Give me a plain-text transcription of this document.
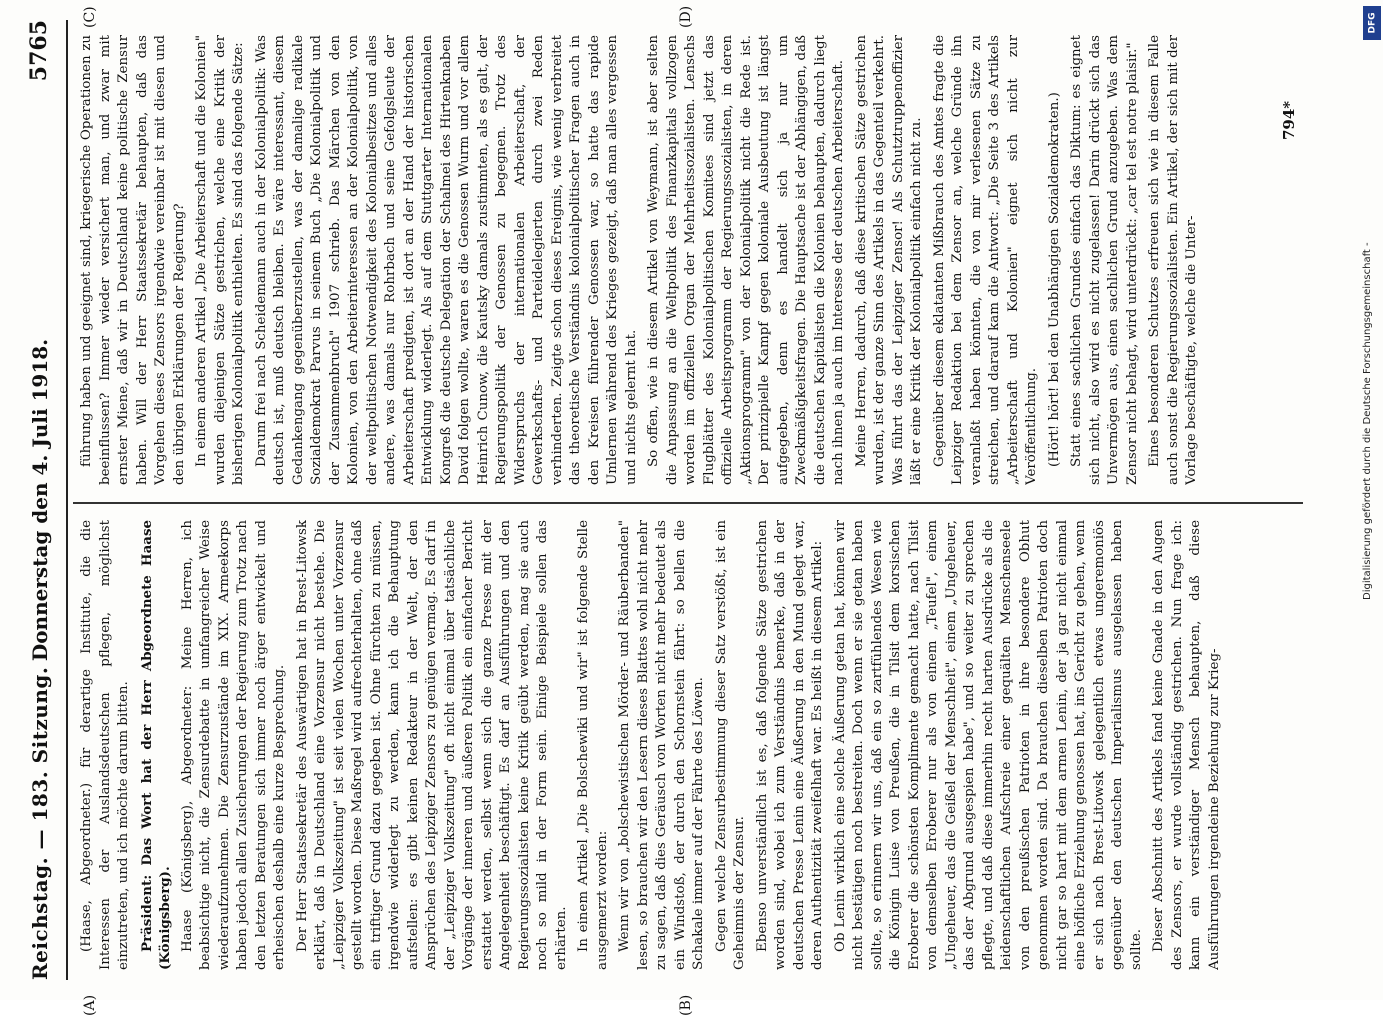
Reichstag. — 183. Sitzung.
Donnerstag den 4. Juli 1918.
5765
(A)	(B)
(C)	(D)

(Haase, Abgeordneter.) für derartige Institute, die die Interessen der Auslandsdeutschen pflegen, möglichst einzutreten, und ich möchte darum bitten. Präsident: Das Wort hat der Herr Abgeordnete Haase (Königsberg). Haase (Königsberg), Abgeordneter: Meine Herren, ich beabsichtige nicht, die Zensurdebatte in umfangreicher Weise wiederaufzunehmen. Die Zensurzustände im XIX. Armeekorps haben jedoch allen Zusicherungen der Regierung zum Trotz nach den letzten Beratungen sich immer noch ärger entwickelt und erheischen deshalb eine kurze Besprechung. Der Herr Staatssekretär des Auswärtigen hat in Brest-Litowsk erklärt, daß in Deutschland eine Vorzensur nicht bestehe. Die „Leipziger Volkszeitung" ist seit vielen Wochen unter Vorzensur gestellt worden. Diese Maßregel wird aufrechterhalten, ohne daß ein triftiger Grund dazu gegeben ist. Ohne fürchten zu müssen, irgendwie widerlegt zu werden, kann ich die Behauptung aufstellen: es gibt keinen Redakteur in der Welt, der den Ansprüchen des Leipziger Zensors zu genügen vermag. Es darf in der „Leipziger Volkszeitung" oft nicht einmal über tatsächliche Vorgänge der inneren und äußeren Politik ein einfacher Bericht erstattet werden, selbst wenn sich die ganze Presse mit der Angelegenheit beschäftigt. Es darf an Ausführungen und den Regierungssozialisten keine Kritik geübt werden, mag sie auch noch so mild in der Form sein. Einige Beispiele sollen das erhärten. In einem Artikel „Die Bolschewiki und wir" ist folgende Stelle ausgemerzt worden: Wenn wir von „bolschewistischen Mörder- und Räuberbanden" lesen, so brauchen wir den Lesern dieses Blattes wohl nicht mehr zu sagen, daß dies Geräusch von Worten nicht mehr bedeutet als ein Windstoß, der durch den Schornstein fährt: so bellen die Schakale immer auf der Fährte des Löwen. Gegen welche Zensurbestimmung dieser Satz verstößt, ist ein Geheimnis der Zensur. Ebenso unverständlich ist es, daß folgende Sätze gestrichen worden sind, wobei ich zum Verständnis bemerke, daß in der deutschen Presse Lenin eine Äußerung in den Mund gelegt war, deren Authentizität zweifelhaft war. Es heißt in diesem Artikel: Ob Lenin wirklich eine solche Äußerung getan hat, können wir nicht bestätigen noch bestreiten. Doch wenn er sie getan haben sollte, so erinnern wir uns, daß ein so zartfühlendes Wesen wie die Königin Luise von Preußen, die in Tilsit dem korsischen Eroberer die schönsten Komplimente gemacht hatte, nach Tilsit von demselben Eroberer nur als von einem „Teufel", einem „Ungeheuer, das die Geißel der Menschheit", einem „Ungeheuer, das der Abgrund ausgespien habe", und so weiter zu sprechen pflegte, und daß diese immerhin recht harten Ausdrücke als die leidenschaftlichen Aufschreie einer gequälten Menschenseele von den preußischen Patrioten in ihre besondere Obhut genommen worden sind. Da brauchen dieselben Patrioten doch nicht gar so hart mit dem armen Lenin, der ja gar nicht einmal eine höfliche Erziehung genossen hat, ins Gericht zu gehen, wenn er sich nach Brest-Litowsk gelegentlich etwas ungeremoniös gegenüber den deutschen Imperialismus ausgelassen haben sollte. Dieser Abschnitt des Artikels fand keine Gnade in den Augen des Zensors, er wurde vollständig gestrichen. Nun frage ich: kann ein verständiger Mensch behaupten, daß diese Ausführungen irgendeine Beziehung zur Krieg-

führung haben und geeignet sind, kriegerische Operationen zu beeinflussen? Immer wieder versichert man, und zwar mit ernster Miene, daß wir in Deutschland keine politische Zensur haben. Will der Herr Staatssekretär behaupten, daß das Vorgehen dieses Zensors irgendwie vereinbar ist mit diesen und den übrigen Erklärungen der Regierung? In einem anderen Artikel „Die Arbeiterschaft und die Kolonien" wurden diejenigen Sätze gestrichen, welche eine Kritik der bisherigen Kolonialpolitik enthielten. Es sind das folgende Sätze: Darum frei nach Scheidemann auch in der Kolonialpolitik: Was deutsch ist, muß deutsch bleiben. Es wäre interessant, diesem Gedankengang gegenüberzustellen, was der damalige radikale Sozialdemokrat Parvus in seinem Buch „Die Kolonialpolitik und der Zusammenbruch" 1907 schrieb. Das Märchen von den Kolonien, von den Arbeiterinteressen an der Kolonialpolitik, von der weltpolitischen Notwendigkeit des Kolonialbesitzes und alles andere, was damals nur Rohrbach und seine Gefolgsleute der Arbeiterschaft predigten, ist dort an der Hand der historischen Entwicklung widerlegt. Als auf dem Stuttgarter Internationalen Kongreß die deutsche Delegation der Schalmei des Hirtenknaben David folgen wollte, waren es die Genossen Wurm und vor allem Heinrich Cunow, die Kautsky damals zustimmten, als es galt, der Regierungspolitik der Genossen zu begegnen. Trotz des Widerspruchs der internationalen Arbeiterschaft, der Gewerkschafts- und Parteidelegierten durch zwei Reden verhinderten. Zeigte schon dieses Ereignis, wie wenig verbreitet das theoretische Verständnis kolonialpolitischer Fragen auch in den Kreisen führender Genossen war, so hatte das rapide Umlernen während des Krieges gezeigt, daß man alles vergessen und nichts gelernt hat. So offen, wie in diesem Artikel von Weymann, ist aber selten die Anpassung an die Weltpolitik des Finanzkapitals vollzogen worden im offiziellen Organ der Mehrheitssozialisten. Lenschs Flugblätter des Kolonialpolitischen Komitees sind jetzt das offizielle Arbeitsprogramm der Regierungssozialisten, in deren „Aktionsprogramm" von der Kolonialpolitik nicht die Rede ist. Der prinzipielle Kampf gegen koloniale Ausbeutung ist längst aufgegeben, denn es handelt sich ja nur um Zweckmäßigkeitsfragen. Die Hauptsache ist der Abhängigen, daß die deutschen Kapitalisten die Kolonien behaupten, dadurch liegt nach ihnen ja auch im Interesse der deutschen Arbeiterschaft. Meine Herren, dadurch, daß diese kritischen Sätze gestrichen wurden, ist der ganze Sinn des Artikels in das Gegenteil verkehrt. Was führt das der Leipziger Zensor! Als Schutztruppenoffizier läßt er eine Kritik der Kolonialpolitik einfach nicht zu. Gegenüber diesem eklatanten Mißbrauch des Amtes fragte die Leipziger Redaktion bei dem Zensor an, welche Gründe ihn veranlaßt haben könnten, die von mir verlesenen Sätze zu streichen, und darauf kam die Antwort: „Die Seite 3 des Artikels „Arbeiterschaft und Kolonien" eignet sich nicht zur Veröffentlichung. (Hört! hört! bei den Unabhängigen Sozialdemokraten.) Statt eines sachlichen Grundes einfach das Diktum: es eignet sich nicht, also wird es nicht zugelassen! Darin drückt sich das Unvermögen aus, einen sachlichen Grund anzugeben. Was dem Zensor nicht behagt, wird unterdrückt: „car tel est notre plaisir." Eines besonderen Schutzes erfreuen sich wie in diesem Falle auch sonst die Regierungssozialisten. Ein Artikel, der sich mit der Vorlage beschäftigte, welche die Unter-

794*
DFG
Digitalisierung gefördert durch die Deutsche Forschungsgemeinschaft -
